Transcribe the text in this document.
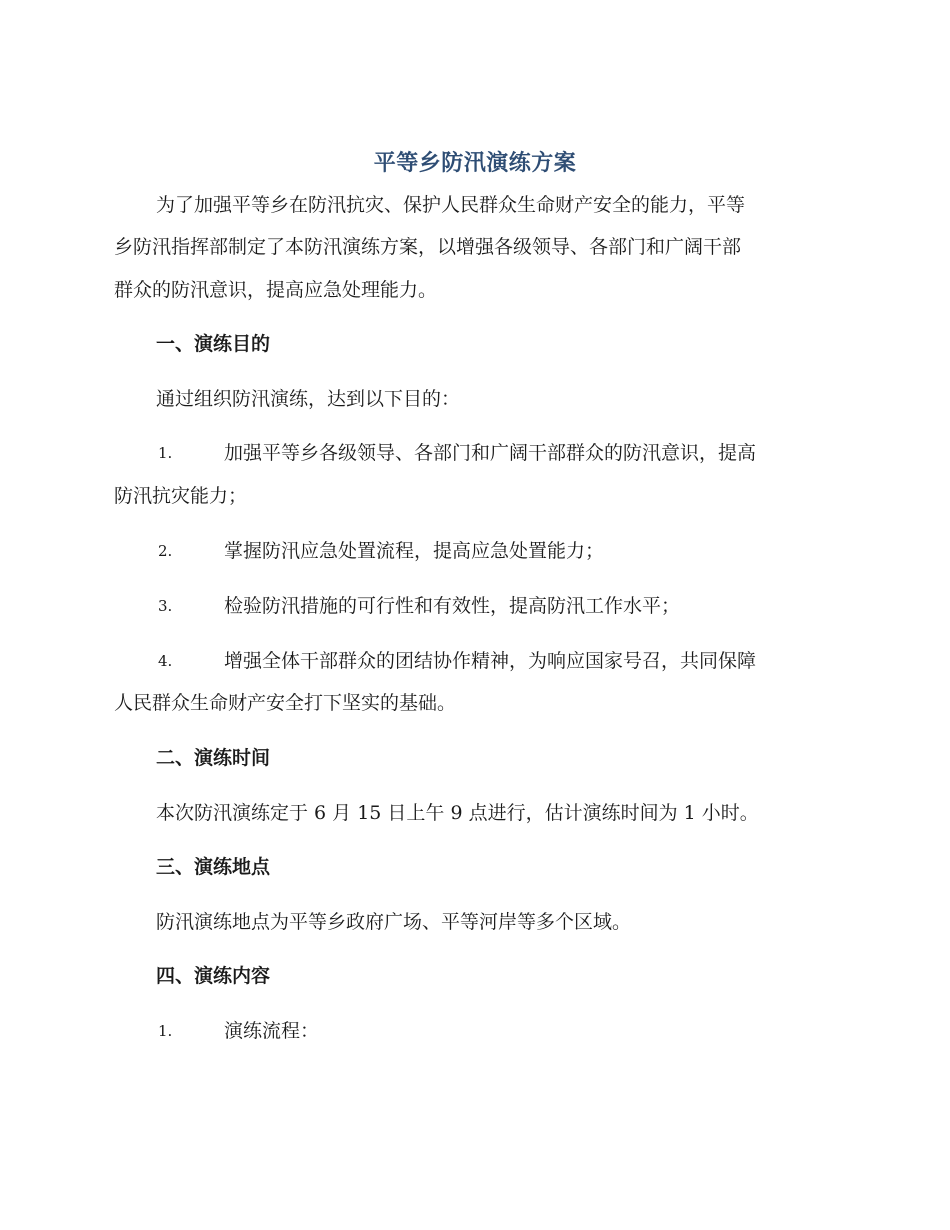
平等乡防汛演练方案
为了加强平等乡在防汛抗灾、保护人民群众生命财产安全的能力，平等
乡防汛指挥部制定了本防汛演练方案，以增强各级领导、各部门和广阔干部
群众的防汛意识，提高应急处理能力。
一、演练目的
通过组织防汛演练，达到以下目的：
1.	加强平等乡各级领导、各部门和广阔干部群众的防汛意识，提高
防汛抗灾能力；
2.	掌握防汛应急处置流程，提高应急处置能力；
3.	检验防汛措施的可行性和有效性，提高防汛工作水平；
4.	增强全体干部群众的团结协作精神，为响应国家号召，共同保障
人民群众生命财产安全打下坚实的基础。
二、演练时间
本次防汛演练定于 6 月 15 日上午 9 点进行，估计演练时间为 1 小时。
三、演练地点
防汛演练地点为平等乡政府广场、平等河岸等多个区域。
四、演练内容
1.	演练流程：
